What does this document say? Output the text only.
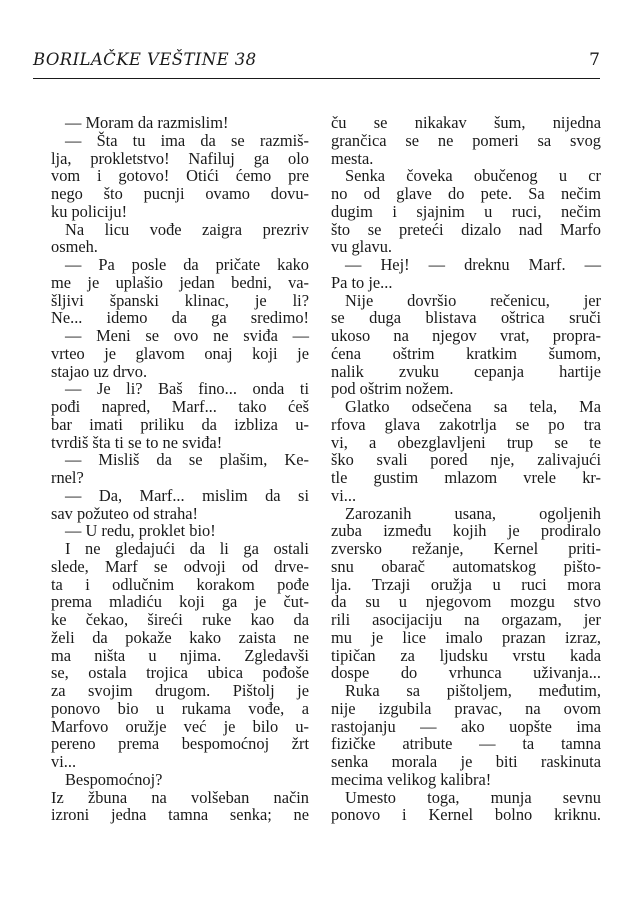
BORILAČKE VEŠTINE 38	7
— Moram da razmislim!
— Šta tu ima da se razmiš-
lja, prokletstvo! Nafiluj ga olo
vom i gotovo! Otići ćemo pre
nego što pucnji ovamo dovu-
ku policiju!
Na licu vođe zaigra prezriv
osmeh.
— Pa posle da pričate kako
me je uplašio jedan bedni, va-
šljivi španski klinac, je li?
Ne... idemo da ga sredimo!
— Meni se ovo ne sviđa —
vrteo je glavom onaj koji je
stajao uz drvo.
— Je li? Baš fino... onda ti
pođi napred, Marf... tako ćeš
bar imati priliku da izbliza u-
tvrdiš šta ti se to ne sviđa!
— Misliš da se plašim, Ke-
rnel?
— Da, Marf... mislim da si
sav požuteo od straha!
— U redu, proklet bio!
I ne gledajući da li ga ostali
slede, Marf se odvoji od drve-
ta i odlučnim korakom pođe
prema mladiću koji ga je čut-
ke čekao, šireći ruke kao da
želi da pokaže kako zaista ne
ma ništa u njima. Zgledavši
se, ostala trojica ubica pođoše
za svojim drugom. Pištolj je
ponovo bio u rukama vođe, a
Marfovo oružje već je bilo u-
pereno prema bespomoćnoj žrt
vi...
Bespomoćnoj?
Iz žbuna na volšeban način
izroni jedna tamna senka; ne
ču se nikakav šum, nijedna
grančica se ne pomeri sa svog
mesta.
Senka čoveka obučenog u cr
no od glave do pete. Sa nečim
dugim i sjajnim u ruci, nečim
što se preteći dizalo nad Marfo
vu glavu.
— Hej! — dreknu Marf. —
Pa to je...
Nije dovršio rečenicu, jer
se duga blistava oštrica sruči
ukoso na njegov vrat, propra-
ćena oštrim kratkim šumom,
nalik zvuku cepanja hartije
pod oštrim nožem.
Glatko odsečena sa tela, Ma
rfova glava zakotrlja se po tra
vi, a obezglavljeni trup se te
ško svali pored nje, zalivajući
tle gustim mlazom vrele kr-
vi...
Zarozanih usana, ogoljenih
zuba između kojih je prodiralo
zversko režanje, Kernel priti-
snu obarač automatskog pišto-
lja. Trzaji oružja u ruci mora
da su u njegovom mozgu stvo
rili asocijaciju na orgazam, jer
mu je lice imalo prazan izraz,
tipičan za ljudsku vrstu kada
dospe do vrhunca uživanja...
Ruka sa pištoljem, međutim,
nije izgubila pravac, na ovom
rastojanju — ako uopšte ima
fizičke atribute — ta tamna
senka morala je biti raskinuta
mecima velikog kalibra!
Umesto toga, munja sevnu
ponovo i Kernel bolno kriknu.
